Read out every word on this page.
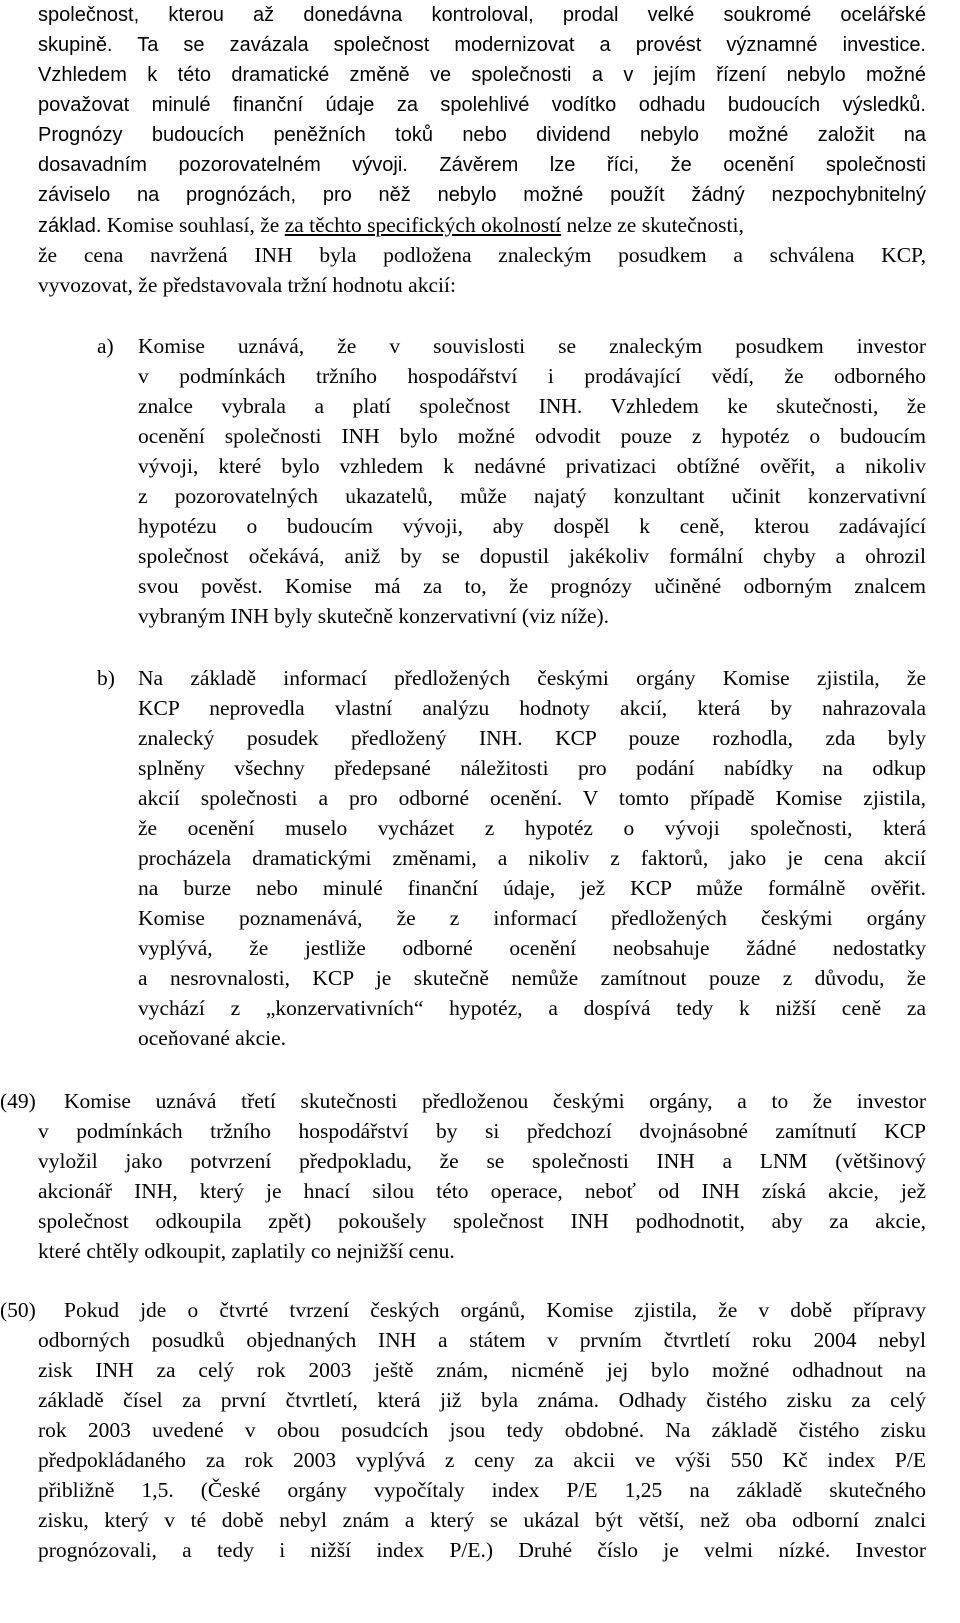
společnost, kterou až donedávna kontroloval, prodal velké soukromé ocelářské
skupině. Ta se zavázala společnost modernizovat a provést významné investice.
Vzhledem k této dramatické změně ve společnosti a v jejím řízení nebylo možné
považovat minulé finanční údaje za spolehlivé vodítko odhadu budoucích výsledků.
Prognózy budoucích peněžních toků nebo dividend nebylo možné založit na
dosavadním pozorovatelném vývoji. Závěrem lze říci, že ocenění společnosti
záviselo na prognózách, pro něž nebylo možné použít žádný nezpochybnitelný
základ. Komise souhlasí, že za těchto specifických okolností nelze ze skutečnosti,
že cena navržená INH byla podložena znaleckým posudkem a schválena KCP,
vyvozovat, že představovala tržní hodnotu akcií:
a) Komise uznává, že v souvislosti se znaleckým posudkem investor
v podmínkách tržního hospodářství i prodávající vědí, že odborného
znalce vybrala a platí společnost INH. Vzhledem ke skutečnosti, že
ocenění společnosti INH bylo možné odvodit pouze z hypotéz o budoucím
vývoji, které bylo vzhledem k nedávné privatizaci obtížné ověřit, a nikoliv
z pozorovatelných ukazatelů, může najatý konzultant učinit konzervativní
hypotézu o budoucím vývoji, aby dospěl k ceně, kterou zadávající
společnost očekává, aniž by se dopustil jakékoliv formální chyby a ohrozil
svou pověst. Komise má za to, že prognózy učiněné odborným znalcem
vybraným INH byly skutečně konzervativní (viz níže).
b) Na základě informací předložených českými orgány Komise zjistila, že
KCP neprovedla vlastní analýzu hodnoty akcií, která by nahrazovala
znalecký posudek předložený INH. KCP pouze rozhodla, zda byly
splněny všechny předepsané náležitosti pro podání nabídky na odkup
akcií společnosti a pro odborné ocenění. V tomto případě Komise zjistila,
že ocenění muselo vycházet z hypotéz o vývoji společnosti, která
procházela dramatickými změnami, a nikoliv z faktorů, jako je cena akcií
na burze nebo minulé finanční údaje, jež KCP může formálně ověřit.
Komise poznamenává, že z informací předložených českými orgány
vyplývá, že jestliže odborné ocenění neobsahuje žádné nedostatky
a nesrovnalosti, KCP je skutečně nemůže zamítnout pouze z důvodu, že
vychází z „konzervativních“ hypotéz, a dospívá tedy k nižší ceně za
oceňované akcie.
(49) Komise uznává třetí skutečnosti předloženou českými orgány, a to že investor
v podmínkách tržního hospodářství by si předchozí dvojnásobné zamítnutí KCP
vyložil jako potvrzení předpokladu, že se společnosti INH a LNM (většinový
akcionář INH, který je hnací silou této operace, neboť od INH získá akcie, jež
společnost odkoupila zpět) pokoušely společnost INH podhodnotit, aby za akcie,
které chtěly odkoupit, zaplatily co nejnižší cenu.
(50) Pokud jde o čtvrté tvrzení českých orgánů, Komise zjistila, že v době přípravy
odborných posudků objednaných INH a státem v prvním čtvrtletí roku 2004 nebyl
zisk INH za celý rok 2003 ještě znám, nicméně jej bylo možné odhadnout na
základě čísel za první čtvrtletí, která již byla známa. Odhady čistého zisku za celý
rok 2003 uvedené v obou posudcích jsou tedy obdobné. Na základě čistého zisku
předpokládaného za rok 2003 vyplývá z ceny za akcii ve výši 550 Kč index P/E
přibližně 1,5. (České orgány vypočítaly index P/E 1,25 na základě skutečného
zisku, který v té době nebyl znám a který se ukázal být větší, než oba odborní znalci
prognózovali, a tedy i nižší index P/E.) Druhé číslo je velmi nízké. Investor
